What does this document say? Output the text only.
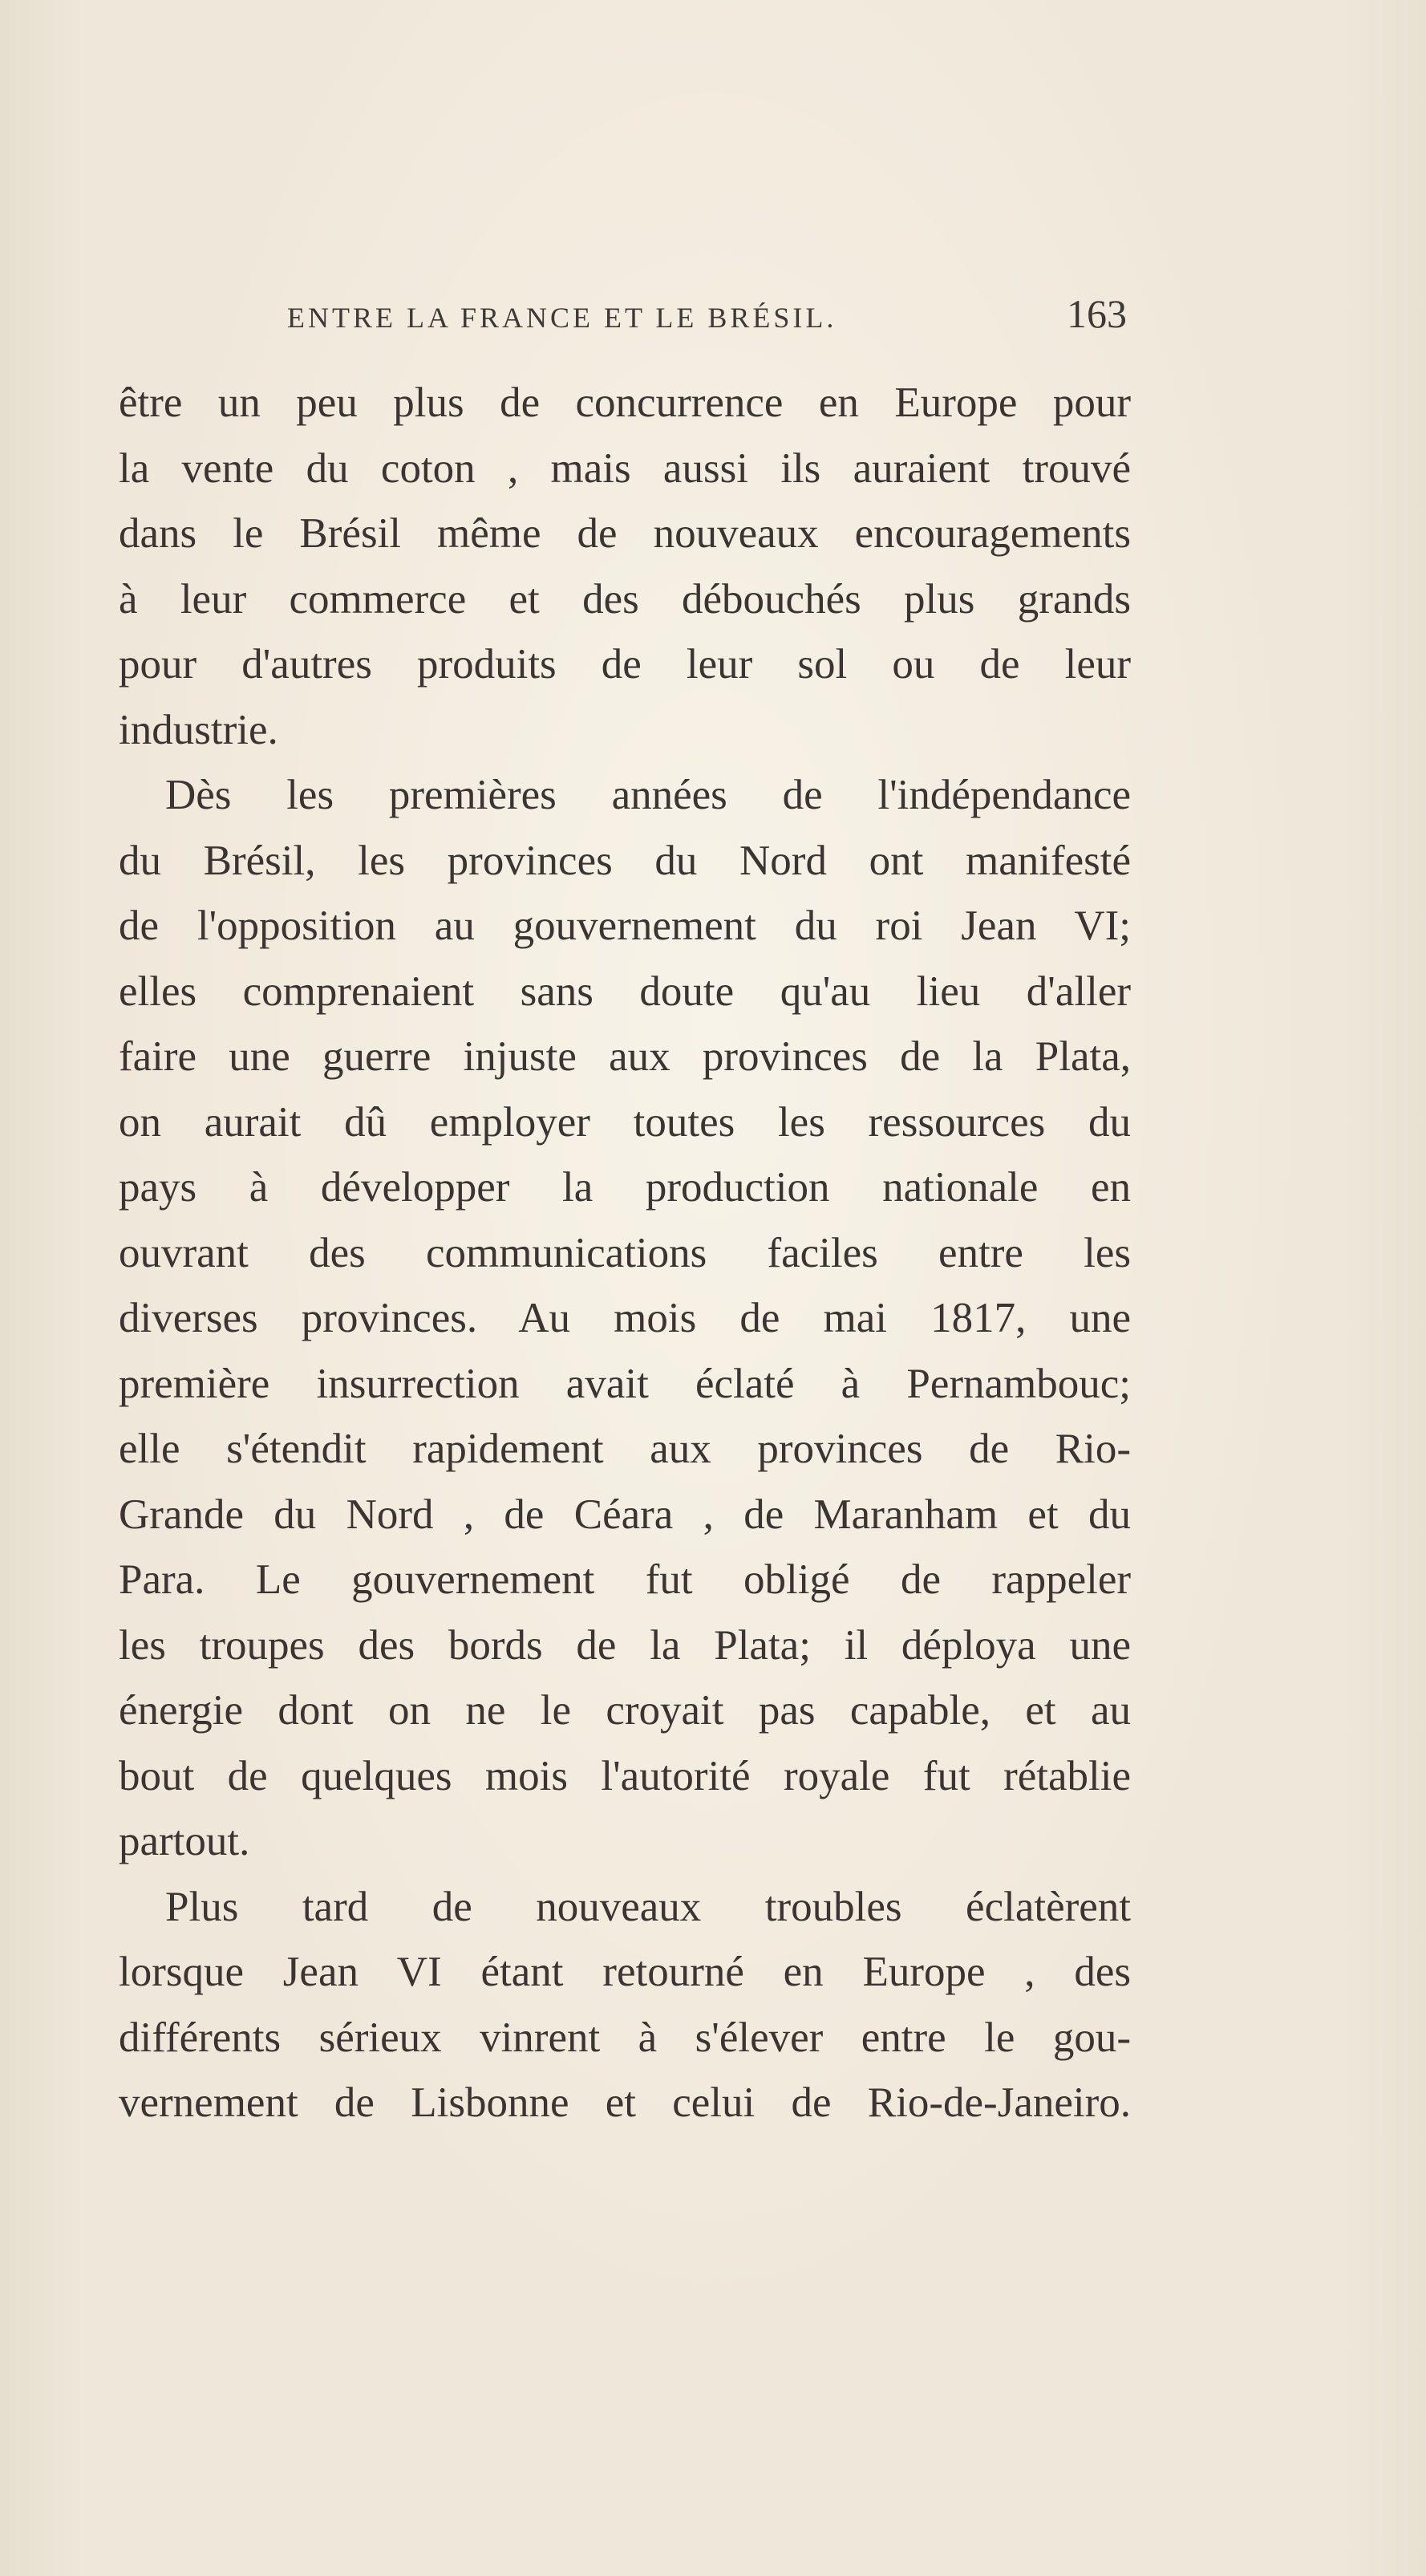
ENTRE LA FRANCE ET LE BRÉSIL.	163

être un peu plus de concurrence en Europe pour
la vente du coton , mais aussi ils auraient trouvé
dans le Brésil même de nouveaux encouragements
à leur commerce et des débouchés plus grands
pour d'autres produits de leur sol ou de leur
industrie.

Dès les premières années de l'indépendance
du Brésil, les provinces du Nord ont manifesté
de l'opposition au gouvernement du roi Jean VI;
elles comprenaient sans doute qu'au lieu d'aller
faire une guerre injuste aux provinces de la Plata,
on aurait dû employer toutes les ressources du
pays à développer la production nationale en
ouvrant des communications faciles entre les
diverses provinces. Au mois de mai 1817, une
première insurrection avait éclaté à Pernambouc;
elle s'étendit rapidement aux provinces de Rio-
Grande du Nord , de Céara , de Maranham et du
Para. Le gouvernement fut obligé de rappeler
les troupes des bords de la Plata; il déploya une
énergie dont on ne le croyait pas capable, et au
bout de quelques mois l'autorité royale fut rétablie
partout.

Plus tard de nouveaux troubles éclatèrent
lorsque Jean VI étant retourné en Europe , des
différents sérieux vinrent à s'élever entre le gou-
vernement de Lisbonne et celui de Rio-de-Janeiro.
